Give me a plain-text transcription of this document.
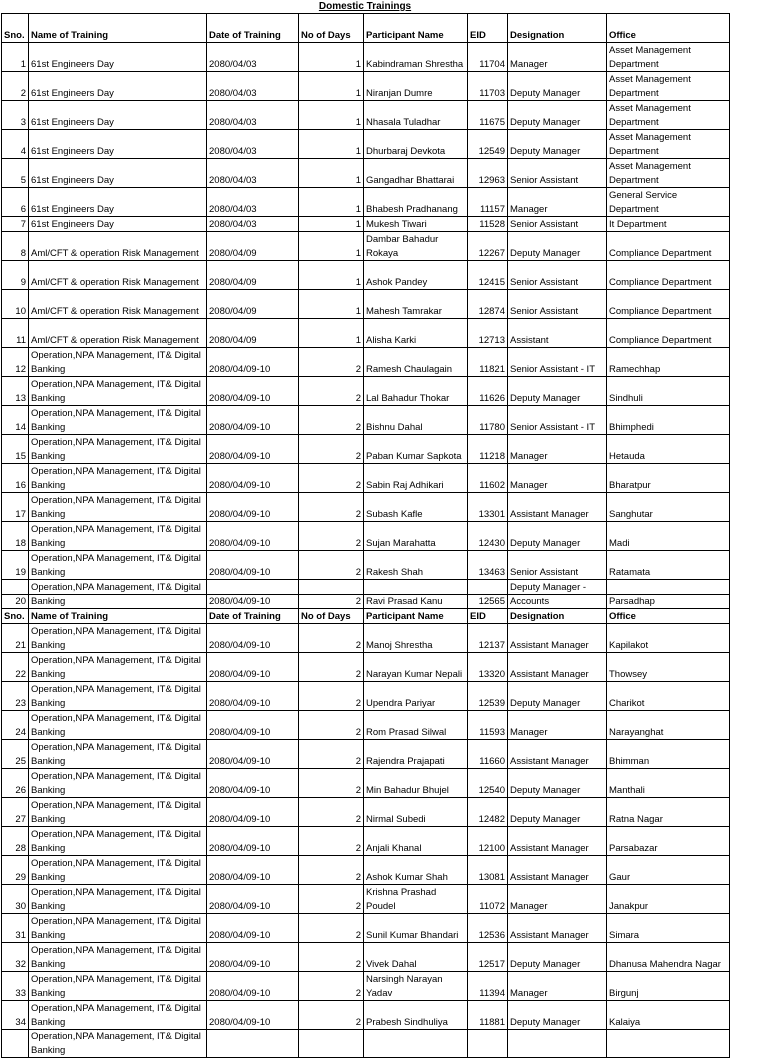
Domestic Trainings
Sno.	Name of Training	Date of Training	No of Days	Participant Name	EID	Designation	Office
1	61st Engineers Day	2080/04/03	1	Kabindraman Shrestha	11704	Manager	Asset Management Department
2	61st Engineers Day	2080/04/03	1	Niranjan Dumre	11703	Deputy Manager	Asset Management Department
3	61st Engineers Day	2080/04/03	1	Nhasala Tuladhar	11675	Deputy Manager	Asset Management Department
4	61st Engineers Day	2080/04/03	1	Dhurbaraj Devkota	12549	Deputy Manager	Asset Management Department
5	61st Engineers Day	2080/04/03	1	Gangadhar Bhattarai	12963	Senior Assistant	Asset Management Department
6	61st Engineers Day	2080/04/03	1	Bhabesh Pradhanang	11157	Manager	General Service Department
7	61st Engineers Day	2080/04/03	1	Mukesh Tiwari	11528	Senior Assistant	It Department
8	Aml/CFT & operation Risk Management	2080/04/09	1	Dambar Bahadur Rokaya	12267	Deputy Manager	Compliance Department
9	Aml/CFT & operation Risk Management	2080/04/09	1	Ashok Pandey	12415	Senior Assistant	Compliance Department
10	Aml/CFT & operation Risk Management	2080/04/09	1	Mahesh Tamrakar	12874	Senior Assistant	Compliance Department
11	Aml/CFT & operation Risk Management	2080/04/09	1	Alisha Karki	12713	Assistant	Compliance Department
12	Operation,NPA Management, IT& Digital Banking	2080/04/09-10	2	Ramesh Chaulagain	11821	Senior Assistant - IT	Ramechhap
13	Operation,NPA Management, IT& Digital Banking	2080/04/09-10	2	Lal Bahadur Thokar	11626	Deputy Manager	Sindhuli
14	Operation,NPA Management, IT& Digital Banking	2080/04/09-10	2	Bishnu Dahal	11780	Senior Assistant - IT	Bhimphedi
15	Operation,NPA Management, IT& Digital Banking	2080/04/09-10	2	Paban Kumar Sapkota	11218	Manager	Hetauda
16	Operation,NPA Management, IT& Digital Banking	2080/04/09-10	2	Sabin Raj Adhikari	11602	Manager	Bharatpur
17	Operation,NPA Management, IT& Digital Banking	2080/04/09-10	2	Subash Kafle	13301	Assistant Manager	Sanghutar
18	Operation,NPA Management, IT& Digital Banking	2080/04/09-10	2	Sujan Marahatta	12430	Deputy Manager	Madi
19	Operation,NPA Management, IT& Digital Banking	2080/04/09-10	2	Rakesh Shah	13463	Senior Assistant	Ratamata
20	Operation,NPA Management, IT& Digital Banking	2080/04/09-10	2	Ravi Prasad Kanu	12565	Deputy Manager - Accounts	Parsadhap
Sno.	Name of Training	Date of Training	No of Days	Participant Name	EID	Designation	Office
21	Operation,NPA Management, IT& Digital Banking	2080/04/09-10	2	Manoj Shrestha	12137	Assistant Manager	Kapilakot
22	Operation,NPA Management, IT& Digital Banking	2080/04/09-10	2	Narayan Kumar Nepali	13320	Assistant Manager	Thowsey
23	Operation,NPA Management, IT& Digital Banking	2080/04/09-10	2	Upendra Pariyar	12539	Deputy Manager	Charikot
24	Operation,NPA Management, IT& Digital Banking	2080/04/09-10	2	Rom Prasad Silwal	11593	Manager	Narayanghat
25	Operation,NPA Management, IT& Digital Banking	2080/04/09-10	2	Rajendra Prajapati	11660	Assistant Manager	Bhimman
26	Operation,NPA Management, IT& Digital Banking	2080/04/09-10	2	Min Bahadur Bhujel	12540	Deputy Manager	Manthali
27	Operation,NPA Management, IT& Digital Banking	2080/04/09-10	2	Nirmal Subedi	12482	Deputy Manager	Ratna Nagar
28	Operation,NPA Management, IT& Digital Banking	2080/04/09-10	2	Anjali Khanal	12100	Assistant Manager	Parsabazar
29	Operation,NPA Management, IT& Digital Banking	2080/04/09-10	2	Ashok Kumar Shah	13081	Assistant Manager	Gaur
30	Operation,NPA Management, IT& Digital Banking	2080/04/09-10	2	Krishna Prashad Poudel	11072	Manager	Janakpur
31	Operation,NPA Management, IT& Digital Banking	2080/04/09-10	2	Sunil Kumar Bhandari	12536	Assistant Manager	Simara
32	Operation,NPA Management, IT& Digital Banking	2080/04/09-10	2	Vivek Dahal	12517	Deputy Manager	Dhanusa Mahendra Nagar
33	Operation,NPA Management, IT& Digital Banking	2080/04/09-10	2	Narsingh Narayan Yadav	11394	Manager	Birgunj
34	Operation,NPA Management, IT& Digital Banking	2080/04/09-10	2	Prabesh Sindhuliya	11881	Deputy Manager	Kalaiya
	Operation,NPA Management, IT& Digital Banking						
